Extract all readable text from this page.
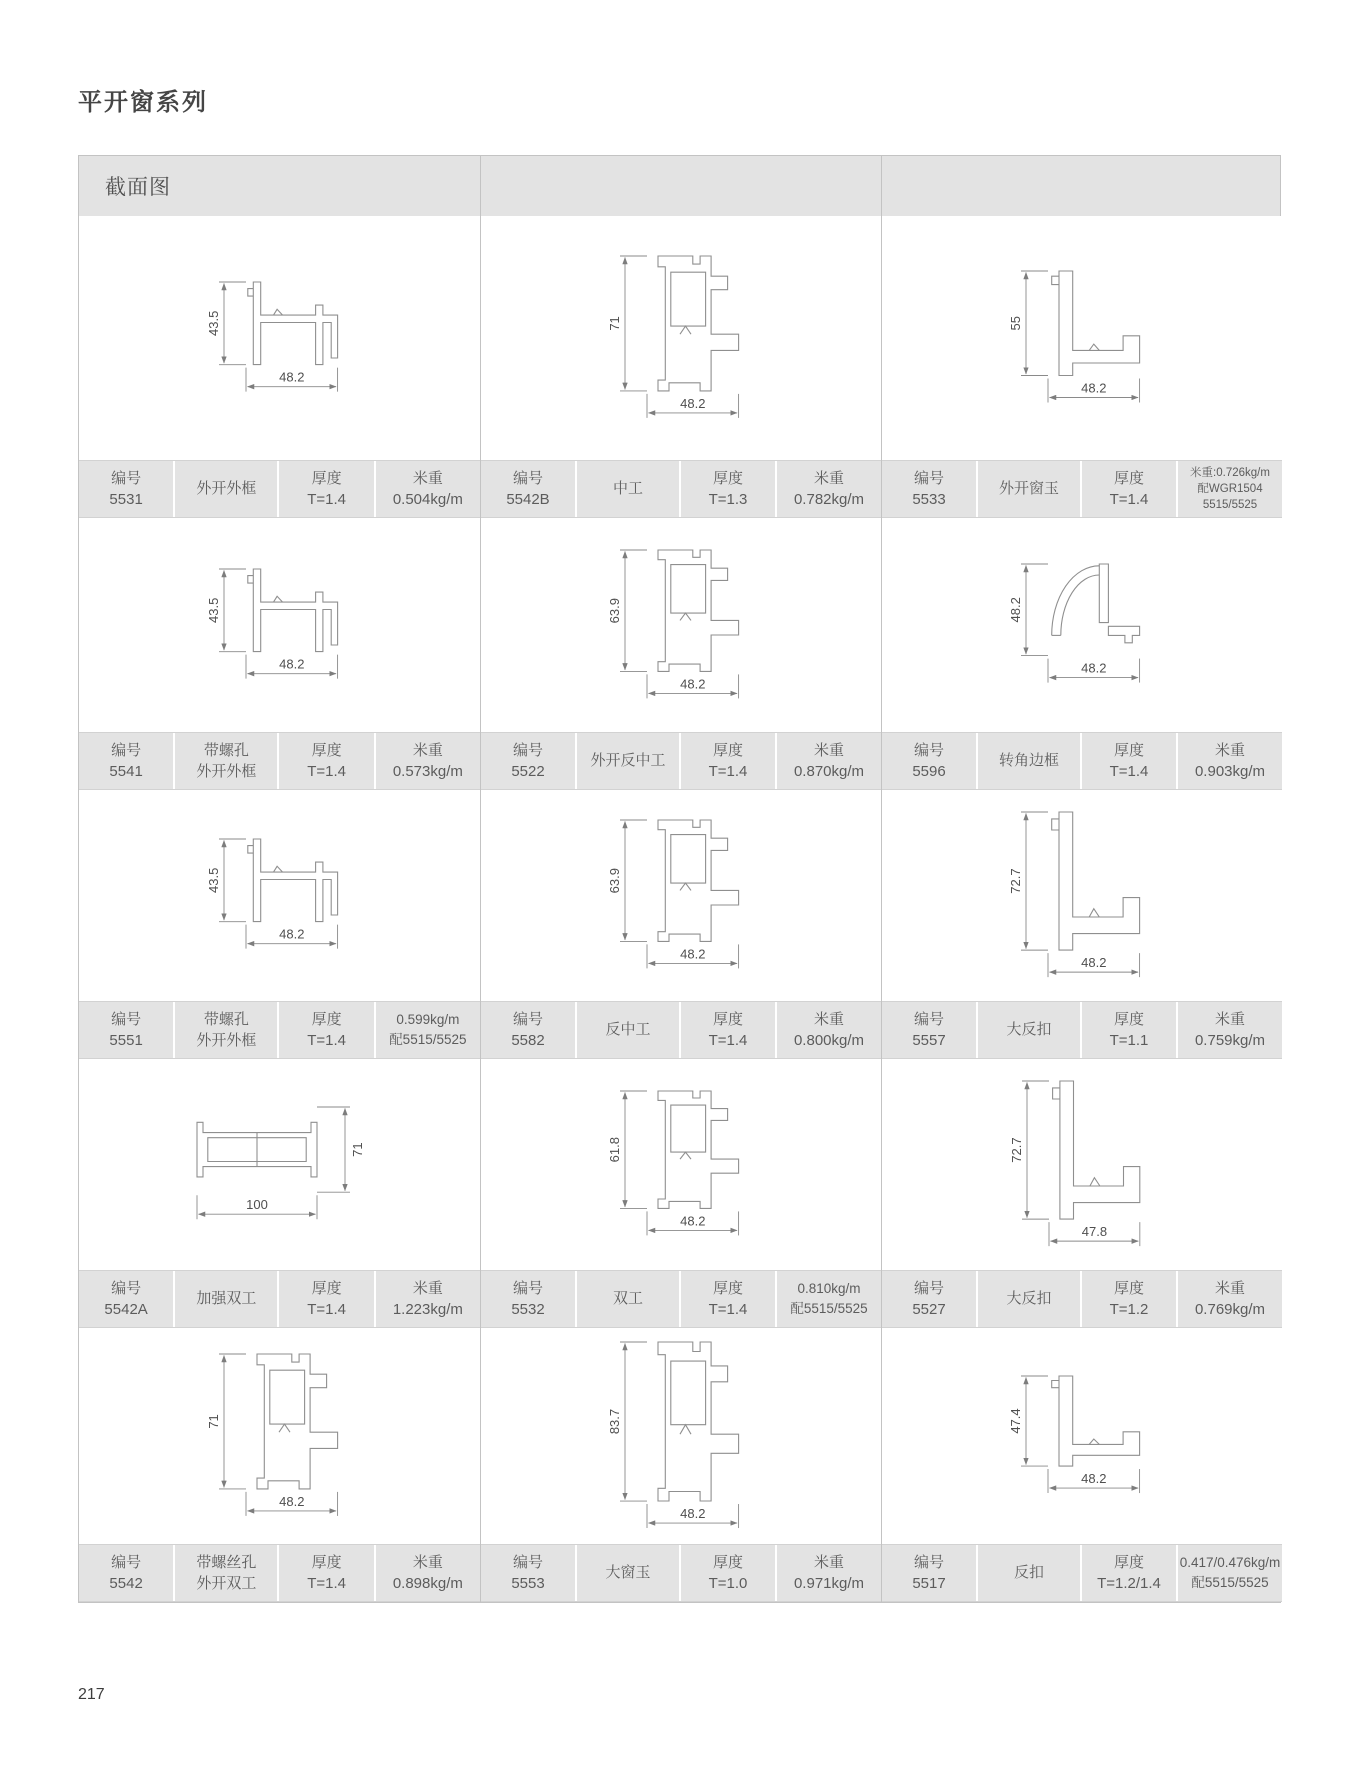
平开窗系列
截面图
43.5
48.2
编号
5531
外开外框
厚度
T=1.4
米重
0.504kg/m
71
48.2
编号
5542B
中工
厚度
T=1.3
米重
0.782kg/m
55
48.2
编号
5533
外开窗玉
厚度
T=1.4
米重:0.726kg/m
配WGR1504
5515/5525
43.5
48.2
编号
5541
带螺孔
外开外框
厚度
T=1.4
米重
0.573kg/m
63.9
48.2
编号
5522
外开反中工
厚度
T=1.4
米重
0.870kg/m
48.2
48.2
编号
5596
转角边框
厚度
T=1.4
米重
0.903kg/m
43.5
48.2
编号
5551
带螺孔
外开外框
厚度
T=1.4
0.599kg/m
配5515/5525
63.9
48.2
编号
5582
反中工
厚度
T=1.4
米重
0.800kg/m
72.7
48.2
编号
5557
大反扣
厚度
T=1.1
米重
0.759kg/m
71
100
编号
5542A
加强双工
厚度
T=1.4
米重
1.223kg/m
61.8
48.2
编号
5532
双工
厚度
T=1.4
0.810kg/m
配5515/5525
72.7
47.8
编号
5527
大反扣
厚度
T=1.2
米重
0.769kg/m
71
48.2
编号
5542
带螺丝孔
外开双工
厚度
T=1.4
米重
0.898kg/m
83.7
48.2
编号
5553
大窗玉
厚度
T=1.0
米重
0.971kg/m
47.4
48.2
编号
5517
反扣
厚度
T=1.2/1.4
0.417/0.476kg/m
配5515/5525
217
